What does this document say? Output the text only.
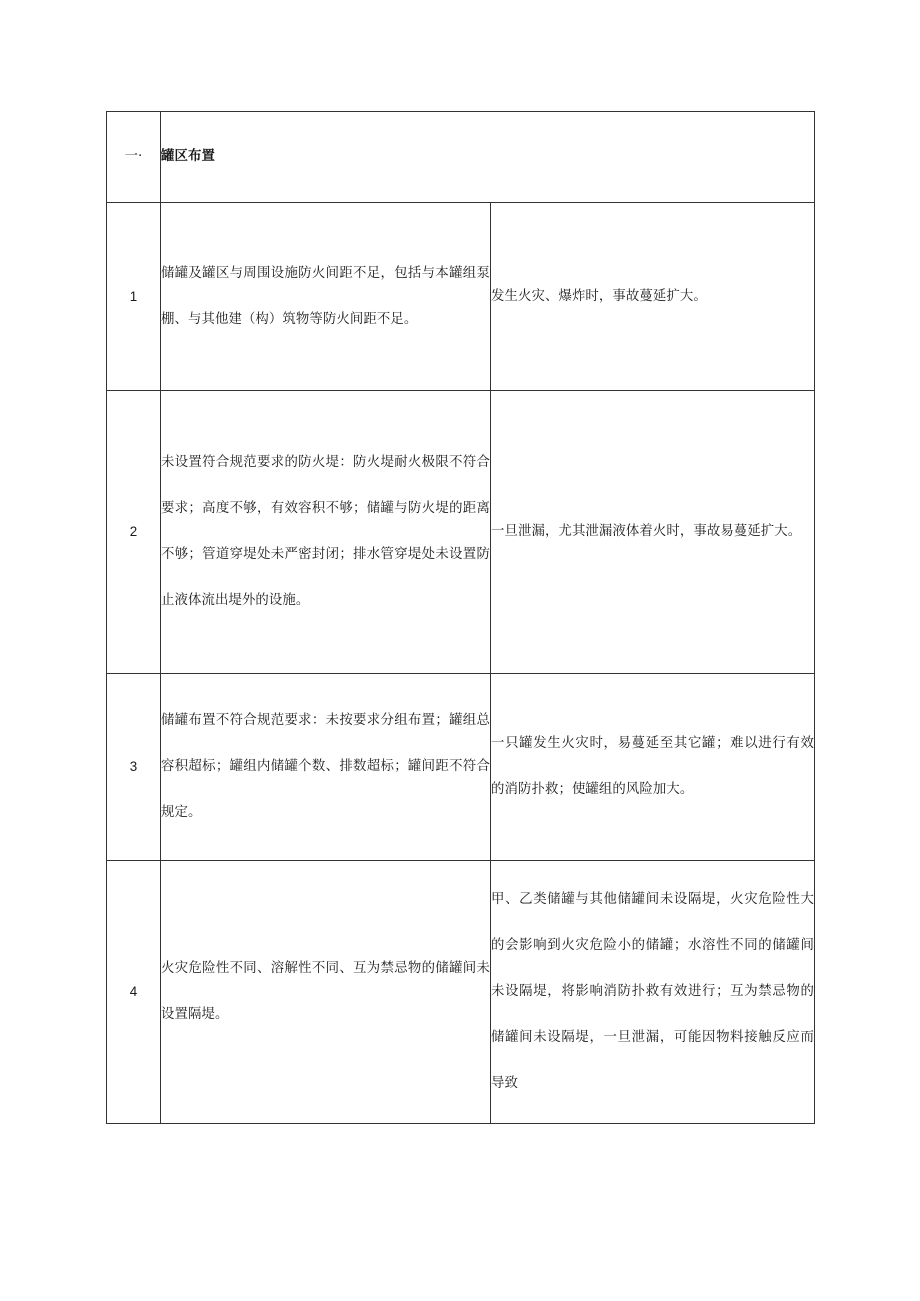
一·	罐区布置	
1	储罐及罐区与周围设施防火间距不足，包括与本罐组泵棚、与其他建（构）筑物等防火间距不足。	发生火灾、爆炸时，事故蔓延扩大。
2	未设置符合规范要求的防火堤：防火堤耐火极限不符合要求；高度不够，有效容积不够；储罐与防火堤的距离不够；管道穿堤处未严密封闭；排水管穿堤处未设置防止液体流出堤外的设施。	一旦泄漏，尤其泄漏液体着火时，事故易蔓延扩大。
3	储罐布置不符合规范要求：未按要求分组布置；罐组总容积超标；罐组内储罐个数、排数超标；罐间距不符合规定。	一只罐发生火灾时，易蔓延至其它罐；难以进行有效的消防扑救；使罐组的风险加大。
4	火灾危险性不同、溶解性不同、互为禁忌物的储罐间未设置隔堤。	甲、乙类储罐与其他储罐间未设隔堤，火灾危险性大的会影响到火灾危险小的储罐；水溶性不同的储罐间未设隔堤，将影响消防扑救有效进行；互为禁忌物的储罐间未设隔堤，一旦泄漏，可能因物料接触反应而导致
